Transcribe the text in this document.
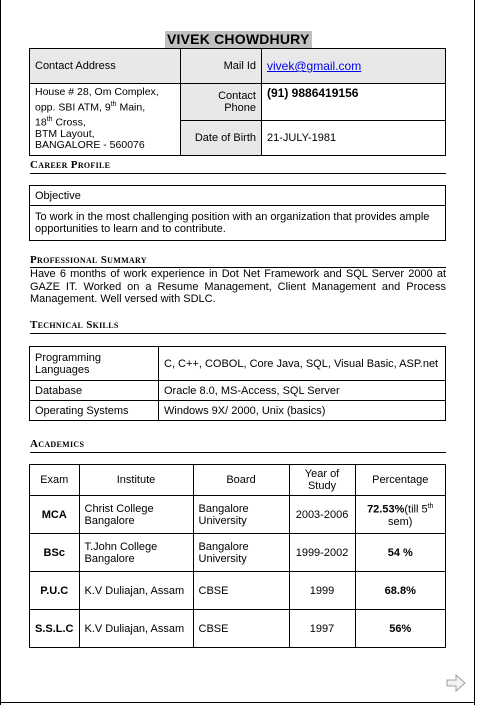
VIVEK CHOWDHURY
Contact Address	Mail Id	vivek@gmail.com
House # 28, Om Complex,
opp. SBI ATM, 9th Main,
18th Cross,
BTM Layout,
BANGALORE - 560076	Contact Phone	(91) 9886419156
	Date of Birth	21-JULY-1981
Career Profile
Objective
To work in the most challenging position with an organization that provides ample opportunities to learn and to contribute.
Professional Summary
Have 6 months of work experience in Dot Net Framework and SQL Server 2000 at GAZE IT. Worked on a Resume Management, Client Management and Process Management. Well versed with SDLC.
Technical Skills
Programming Languages	C, C++, COBOL, Core Java, SQL, Visual Basic, ASP.net
Database	Oracle 8.0, MS-Access, SQL Server
Operating Systems	Windows 9X/ 2000, Unix (basics)
Academics
Exam	Institute	Board	Year of Study	Percentage
MCA	Christ College Bangalore	Bangalore University	2003-2006	72.53%(till 5th sem)
BSc	T.John College Bangalore	Bangalore University	1999-2002	54 %
P.U.C	K.V Duliajan, Assam	CBSE	1999	68.8%
S.S.L.C	K.V Duliajan, Assam	CBSE	1997	56%
